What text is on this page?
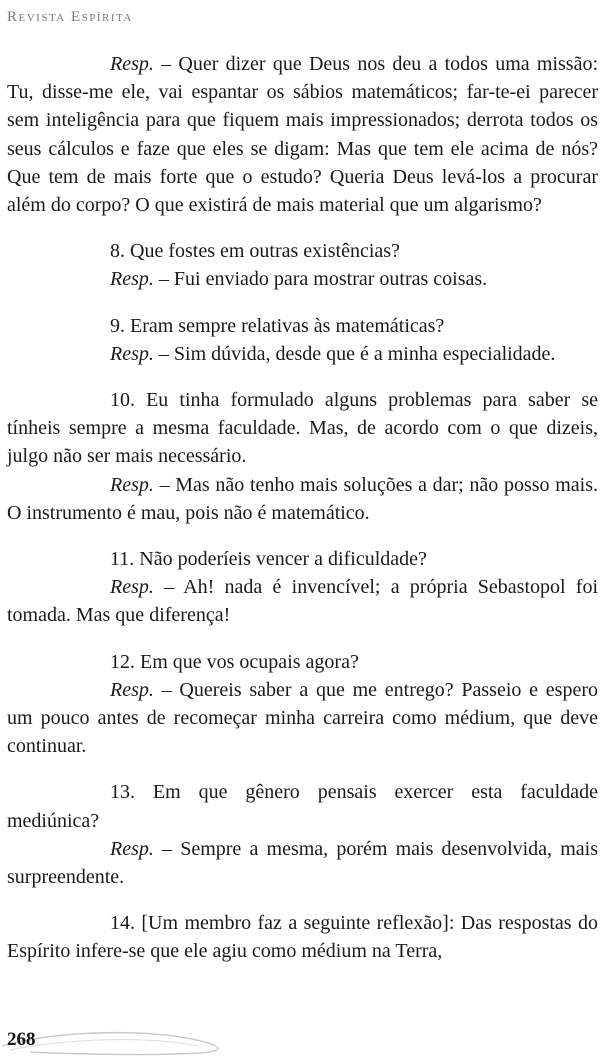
Revista Espírita

Resp. – Quer dizer que Deus nos deu a todos uma missão: Tu, disse-me ele, vai espantar os sábios matemáticos; far-te-ei parecer sem inteligência para que fiquem mais impressionados; derrota todos os seus cálculos e faze que eles se digam: Mas que tem ele acima de nós? Que tem de mais forte que o estudo? Queria Deus levá-los a procurar além do corpo? O que existirá de mais material que um algarismo?

8. Que fostes em outras existências?

Resp. – Fui enviado para mostrar outras coisas.

9. Eram sempre relativas às matemáticas?

Resp. – Sim dúvida, desde que é a minha especialidade.

10. Eu tinha formulado alguns problemas para saber se tínheis sempre a mesma faculdade. Mas, de acordo com o que dizeis, julgo não ser mais necessário.

Resp. – Mas não tenho mais soluções a dar; não posso mais. O instrumento é mau, pois não é matemático.

11. Não poderíeis vencer a dificuldade?

Resp. – Ah! nada é invencível; a própria Sebastopol foi tomada. Mas que diferença!

12. Em que vos ocupais agora?

Resp. – Quereis saber a que me entrego? Passeio e espero um pouco antes de recomeçar minha carreira como médium, que deve continuar.

13. Em que gênero pensais exercer esta faculdade mediúnica?

Resp. – Sempre a mesma, porém mais desenvolvida, mais surpreendente.

14. [Um membro faz a seguinte reflexão]: Das respostas do Espírito infere-se que ele agiu como médium na Terra,

268
